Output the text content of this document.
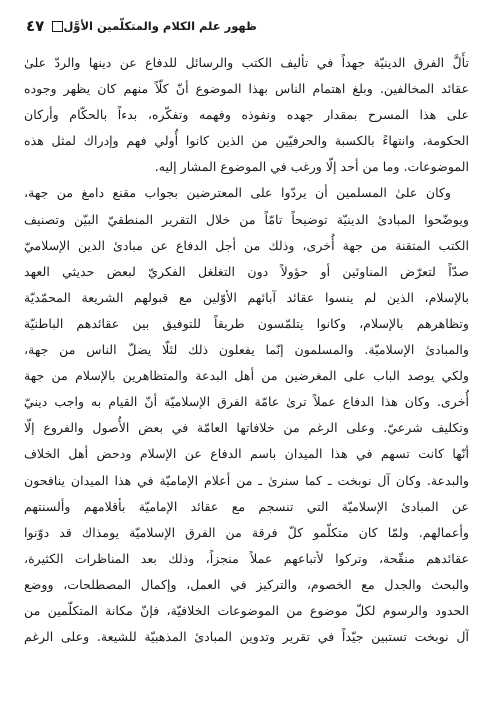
٤٧ ظهور علم الكلام والمتكلّمين الأوَّل
تأَلَّ الفرق الدينيّة جهداً في تأليف الكتب والرسائل للدفاع عن دينها والردّ علىٰ
عقائد المخالفين. وبلغ اهتمام الناس بهذا الموضوع أنّ كلّاً منهم كان يظهر وجوده
على هذا المسرح بمقدار جهده ونفوذه وفهمه وتفكّره، بدءاً بالحكّام وأركان
الحكومة، وانتهاءً بالكسبة والحرفيّين من الذين كانوا أُولي فهم وإدراك لمثل هذه
الموضوعات. وما من أحد إلّا ورغب في الموضوع المشار إليه.
وكان علىٰ المسلمين أن يردّوا على المعترضين بجواب مقنع دامغ من جهة،
ويوضّحوا المبادئ الدينيّة توضيحاً تامّاً من خلال التقرير المنطقيّ البيّن وتصنيف
الكتب المتقنة من جهة أُخرى، وذلك من أجل الدفاع عن مبادئ الدين الإسلاميّ
صدّاً لتعرّض المناوئين أو حؤولاً دون التغلغل الفكريّ لبعض حديثي العهد
بالإسلام، الذين لم ينسوا عقائد آبائهم الأوّلين مع قبولهم الشريعة المحمّديّة
وتظاهرهم بالإسلام، وكانوا يتلمّسون طريقاً للتوفيق بين عقائدهم الباطنيّة
والمبادئ الإسلاميّة. والمسلمون إنّما يفعلون ذلك لئلّا يضلّ الناس من جهة،
ولكي يوصد الباب على المغرضين من أهل البدعة والمتظاهرين بالإسلام من جهة
أُخرى. وكان هذا الدفاع عملاً ترىٰ عامّة الفرق الإسلاميّة أنّ القيام به واجب دينيّ
وتكليف شرعيّ. وعلى الرغم من خلافاتها العامّة في بعض الأُصول والفروع إلّا
أنّها كانت تسهم في هذا الميدان باسم الدفاع عن الإسلام ودحض أهل الخلاف
والبدعة. وكان آل نوبخت ـ كما سنرىٰ ـ من أعلام الإماميّة في هذا الميدان ينافحون
عن المبادئ الإسلاميّة التي تنسجم مع عقائد الإماميّة بأقلامهم وألسنتهم
وأعمالهم. ولمّا كان متكلّمو كلّ فرقة من الفرق الإسلاميّة يومذاك قد دوّنوا
عقائدهم منقّحة، وتركوا لأتباعهم عملاً منجزاً، وذلك بعد المناظرات الكثيرة،
والبحث والجدل مع الخصوم، والتركيز في العمل، وإكمال المصطلحات، ووضع
الحدود والرسوم لكلّ موضوع من الموضوعات الخلافيّة، فإنّ مكانة المتكلّمين من
آل نوبخت تستبين جيّداً في تقرير وتدوين المبادئ المذهبيّة للشيعة. وعلى الرغم
